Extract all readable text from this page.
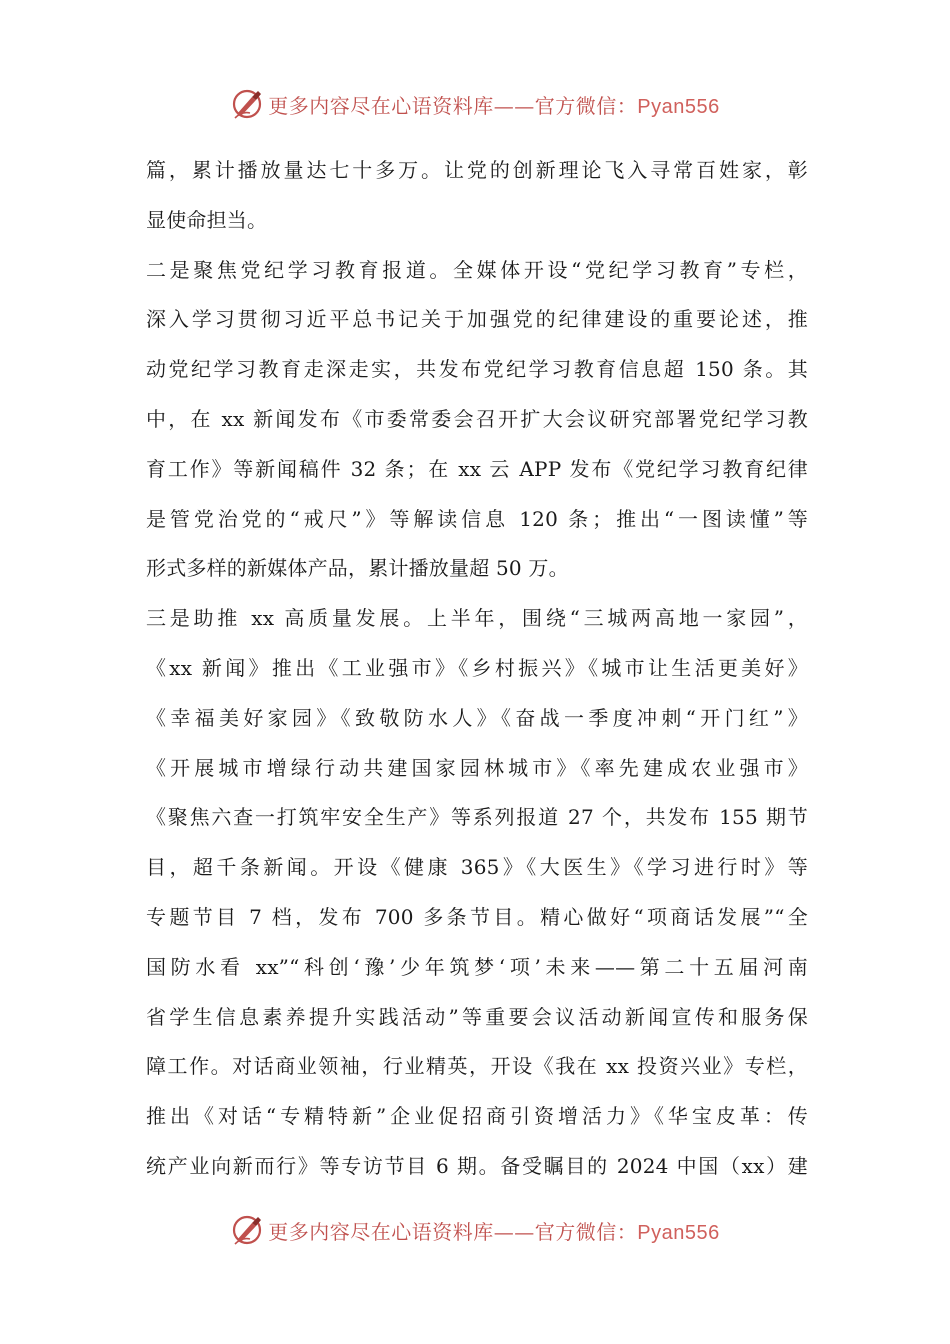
更多内容尽在心语资料库——官方微信：Pyan556
篇，累计播放量达七十多万。让党的创新理论飞入寻常百姓家，彰
显使命担当。
二是聚焦党纪学习教育报道。全媒体开设“党纪学习教育”专栏，
深入学习贯彻习近平总书记关于加强党的纪律建设的重要论述，推
动党纪学习教育走深走实，共发布党纪学习教育信息超 150 条。其
中，在 xx 新闻发布《市委常委会召开扩大会议研究部署党纪学习教
育工作》等新闻稿件 32 条；在 xx 云 APP 发布《党纪学习教育纪律
是管党治党的“戒尺”》等解读信息 120 条；推出“一图读懂”等
形式多样的新媒体产品，累计播放量超 50 万。
三是助推 xx 高质量发展。上半年，围绕“三城两高地一家园”，
《xx 新闻》推出《工业强市》《乡村振兴》《城市让生活更美好》
《幸福美好家园》《致敬防水人》《奋战一季度冲刺“开门红”》
《开展城市增绿行动共建国家园林城市》《率先建成农业强市》
《聚焦六查一打筑牢安全生产》等系列报道 27 个，共发布 155 期节
目，超千条新闻。开设《健康 365》《大医生》《学习进行时》等
专题节目 7 档，发布 700 多条节目。精心做好“项商话发展”“全
国防水看 xx”“科创‘豫’少年筑梦‘项’未来——第二十五届河南
省学生信息素养提升实践活动”等重要会议活动新闻宣传和服务保
障工作。对话商业领袖，行业精英，开设《我在 xx 投资兴业》专栏，
推出《对话“专精特新”企业促招商引资增活力》《华宝皮革：传
统产业向新而行》等专访节目 6 期。备受瞩目的 2024 中国（xx）建
更多内容尽在心语资料库——官方微信：Pyan556
